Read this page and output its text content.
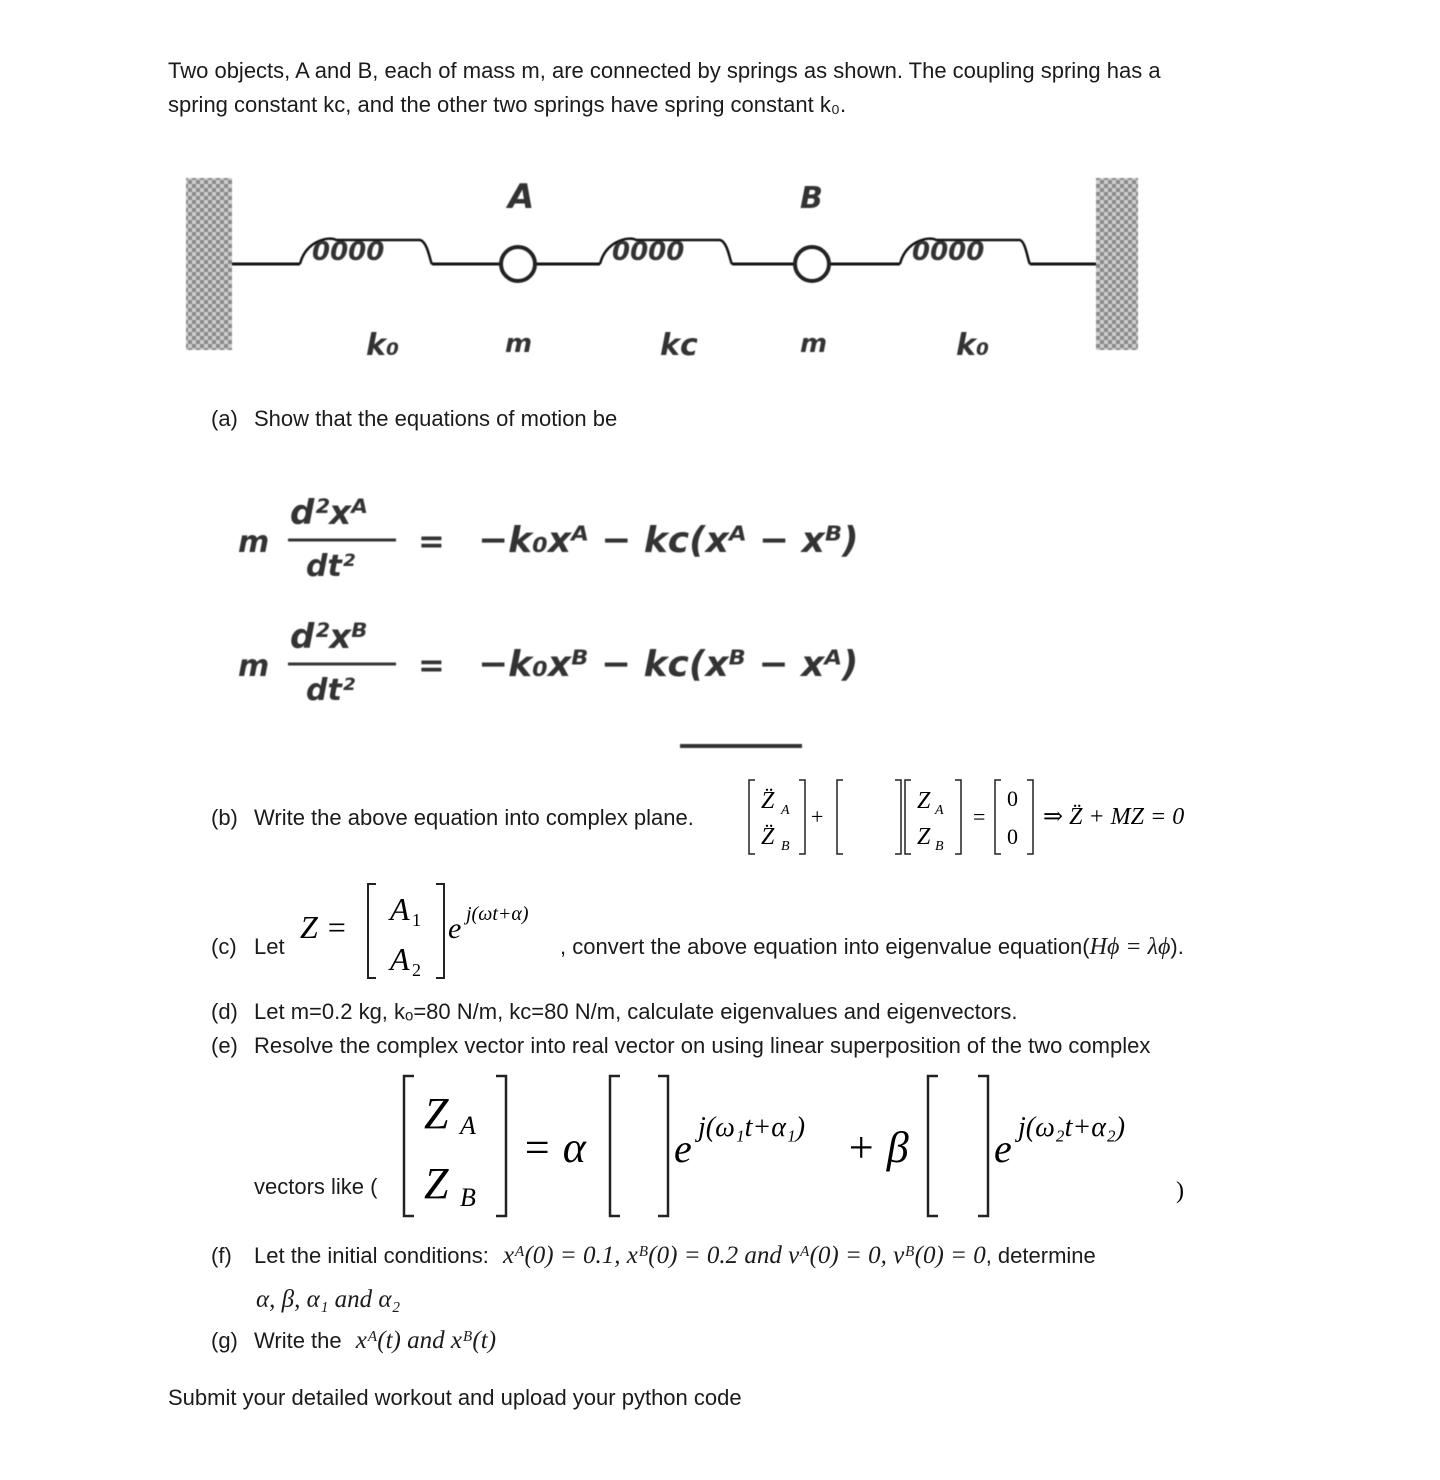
Two objects, A and B, each of mass m, are connected by springs as shown. The coupling spring has a
spring constant kᴄ, and the other two springs have spring constant k₀.
0000	0000	0000
A	B
k₀	m	kᴄ	m	k₀
(a) Show that the equations of motion be
m
d²xᴬ
dt²
= −k₀xᴬ − kᴄ(xᴬ − xᴮ)
m
d²xᴮ
dt²
= −k₀xᴮ − kᴄ(xᴮ − xᴬ)
(b) Write the above equation into complex plane.
Z̈ A
Z̈ B
+
Z A
Z B
=
0
0
⇒ Z̈ + MZ = 0
(c) Let
Z = A 1
A 2
e j(ωt+α)
, convert the above equation into eigenvalue equation(Hϕ = λϕ).
(d) Let m=0.2 kg, kₒ=80 N/m, kᴄ=80 N/m, calculate eigenvalues and eigenvectors.
(e) Resolve the complex vector into real vector on using linear superposition of the two complex
vectors like (
Z A
Z B
= α e j(ω₁t+α₁) + β e j(ω₂t+α₂)
)
(f) Let the initial conditions: xᴬ(0) = 0.1, xᴮ(0) = 0.2 and vᴬ(0) = 0, vᴮ(0) = 0, determine
α, β, α₁ and α₂
(g) Write the xᴬ(t) and xᴮ(t)
Submit your detailed workout and upload your python code
